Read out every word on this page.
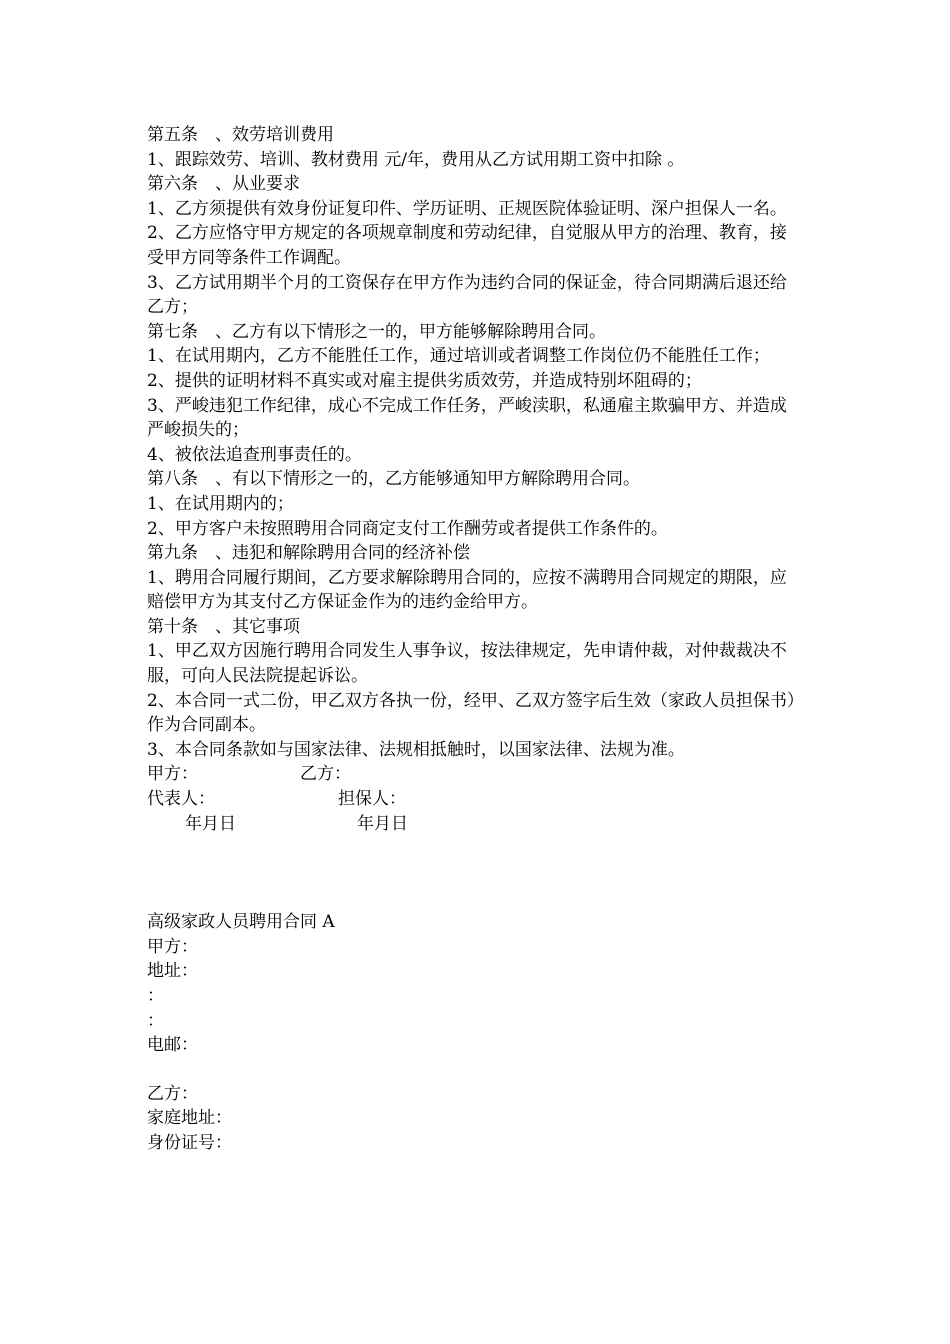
第五条　、效劳培训费用

1、跟踪效劳、培训、教材费用 元/年，费用从乙方试用期工资中扣除 。

第六条　、从业要求

1、乙方须提供有效身份证复印件、学历证明、正规医院体验证明、深户担保人一名。

2、乙方应恪守甲方规定的各项规章制度和劳动纪律，自觉服从甲方的治理、教育，接受甲方同等条件工作调配。

3、乙方试用期半个月的工资保存在甲方作为违约合同的保证金，待合同期满后退还给乙方；

第七条　、乙方有以下情形之一的，甲方能够解除聘用合同。

1、在试用期内，乙方不能胜任工作，通过培训或者调整工作岗位仍不能胜任工作；

2、提供的证明材料不真实或对雇主提供劣质效劳，并造成特别坏阻碍的；

3、严峻违犯工作纪律，成心不完成工作任务，严峻渎职，私通雇主欺骗甲方、并造成严峻损失的；

4、被依法追查刑事责任的。

第八条　、有以下情形之一的，乙方能够通知甲方解除聘用合同。

1、在试用期内的；

2、甲方客户未按照聘用合同商定支付工作酬劳或者提供工作条件的。

第九条　、违犯和解除聘用合同的经济补偿

1、聘用合同履行期间，乙方要求解除聘用合同的，应按不满聘用合同规定的期限，应赔偿甲方为其支付乙方保证金作为的违约金给甲方。

第十条　、其它事项

1、甲乙双方因施行聘用合同发生人事争议，按法律规定，先申请仲裁，对仲裁裁决不服，可向人民法院提起诉讼。

2、本合同一式二份，甲乙双方各执一份，经甲、乙双方签字后生效（家政人员担保书）作为合同副本。

3、本合同条款如与国家法律、法规相抵触时，以国家法律、法规为准。

甲方：	乙方：
代表人：	担保人：
年月日	年月日

高级家政人员聘用合同 A

甲方：

地址：

：

：

电邮：

乙方：

家庭地址：

身份证号：
